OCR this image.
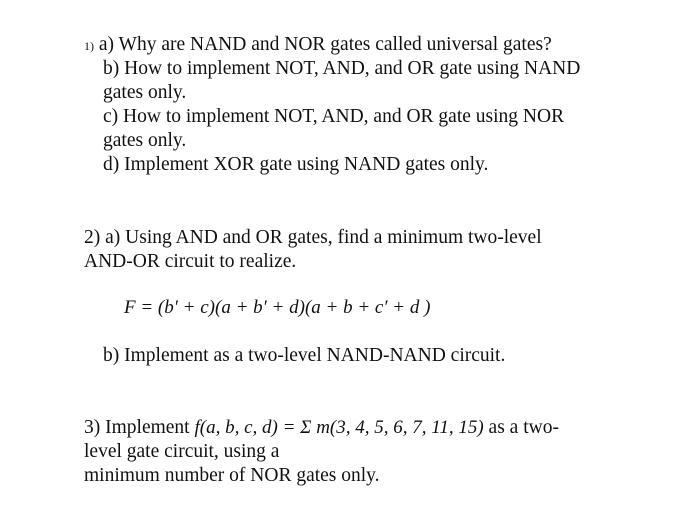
1) a) Why are NAND and NOR gates called universal gates?
b) How to implement NOT, AND, and OR gate using NAND
gates only.
c) How to implement NOT, AND, and OR gate using NOR
gates only.
d) Implement XOR gate using NAND gates only.
2) a) Using AND and OR gates, find a minimum two-level
AND-OR circuit to realize.
F = (b′ + c)(a + b′ + d)(a + b + c′ + d )
b) Implement as a two-level NAND-NAND circuit.
3) Implement f(a, b, c, d) = Σ m(3, 4, 5, 6, 7, 11, 15) as a two-
level gate circuit, using a
minimum number of NOR gates only.
